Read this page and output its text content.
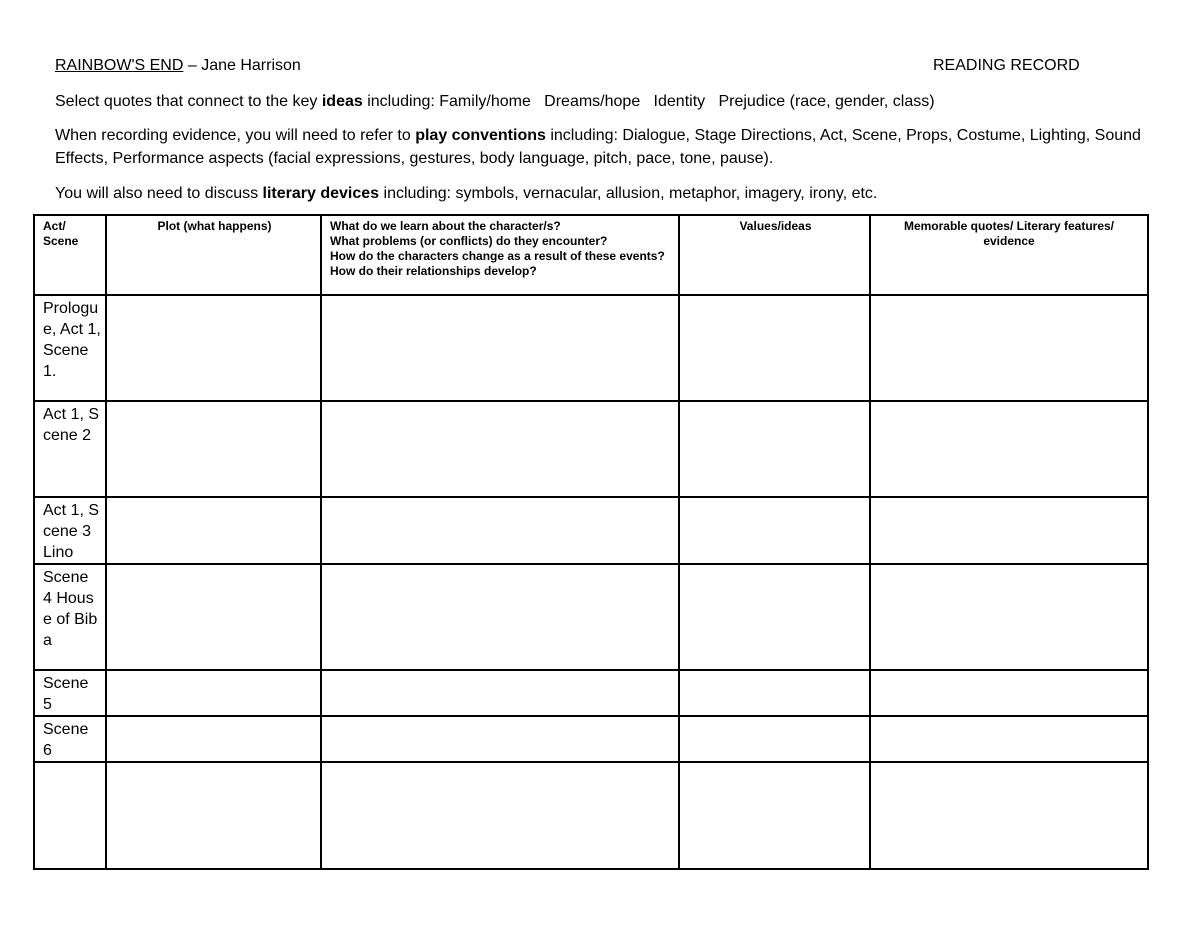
RAINBOW'S END – Jane Harrison	READING RECORD
Select quotes that connect to the key ideas including: Family/home   Dreams/hope   Identity   Prejudice (race, gender, class)
When recording evidence, you will need to refer to play conventions including: Dialogue, Stage Directions, Act, Scene, Props, Costume, Lighting, Sound Effects, Performance aspects (facial expressions, gestures, body language, pitch, pace, tone, pause).
You will also need to discuss literary devices including: symbols, vernacular, allusion, metaphor, imagery, irony, etc.
Act/ Scene	Plot (what happens)	What do we learn about the character/s?
What problems (or conflicts) do they encounter?
How do the characters change as a result of these events?
How do their relationships develop?	Values/ideas	Memorable quotes/ Literary features/ evidence

Prologue, Act 1, Scene 1.				

Act 1, Scene 2				

Act 1, Scene 3 Lino				

Scene 4 House of Biba				

Scene 5				

Scene 6				
